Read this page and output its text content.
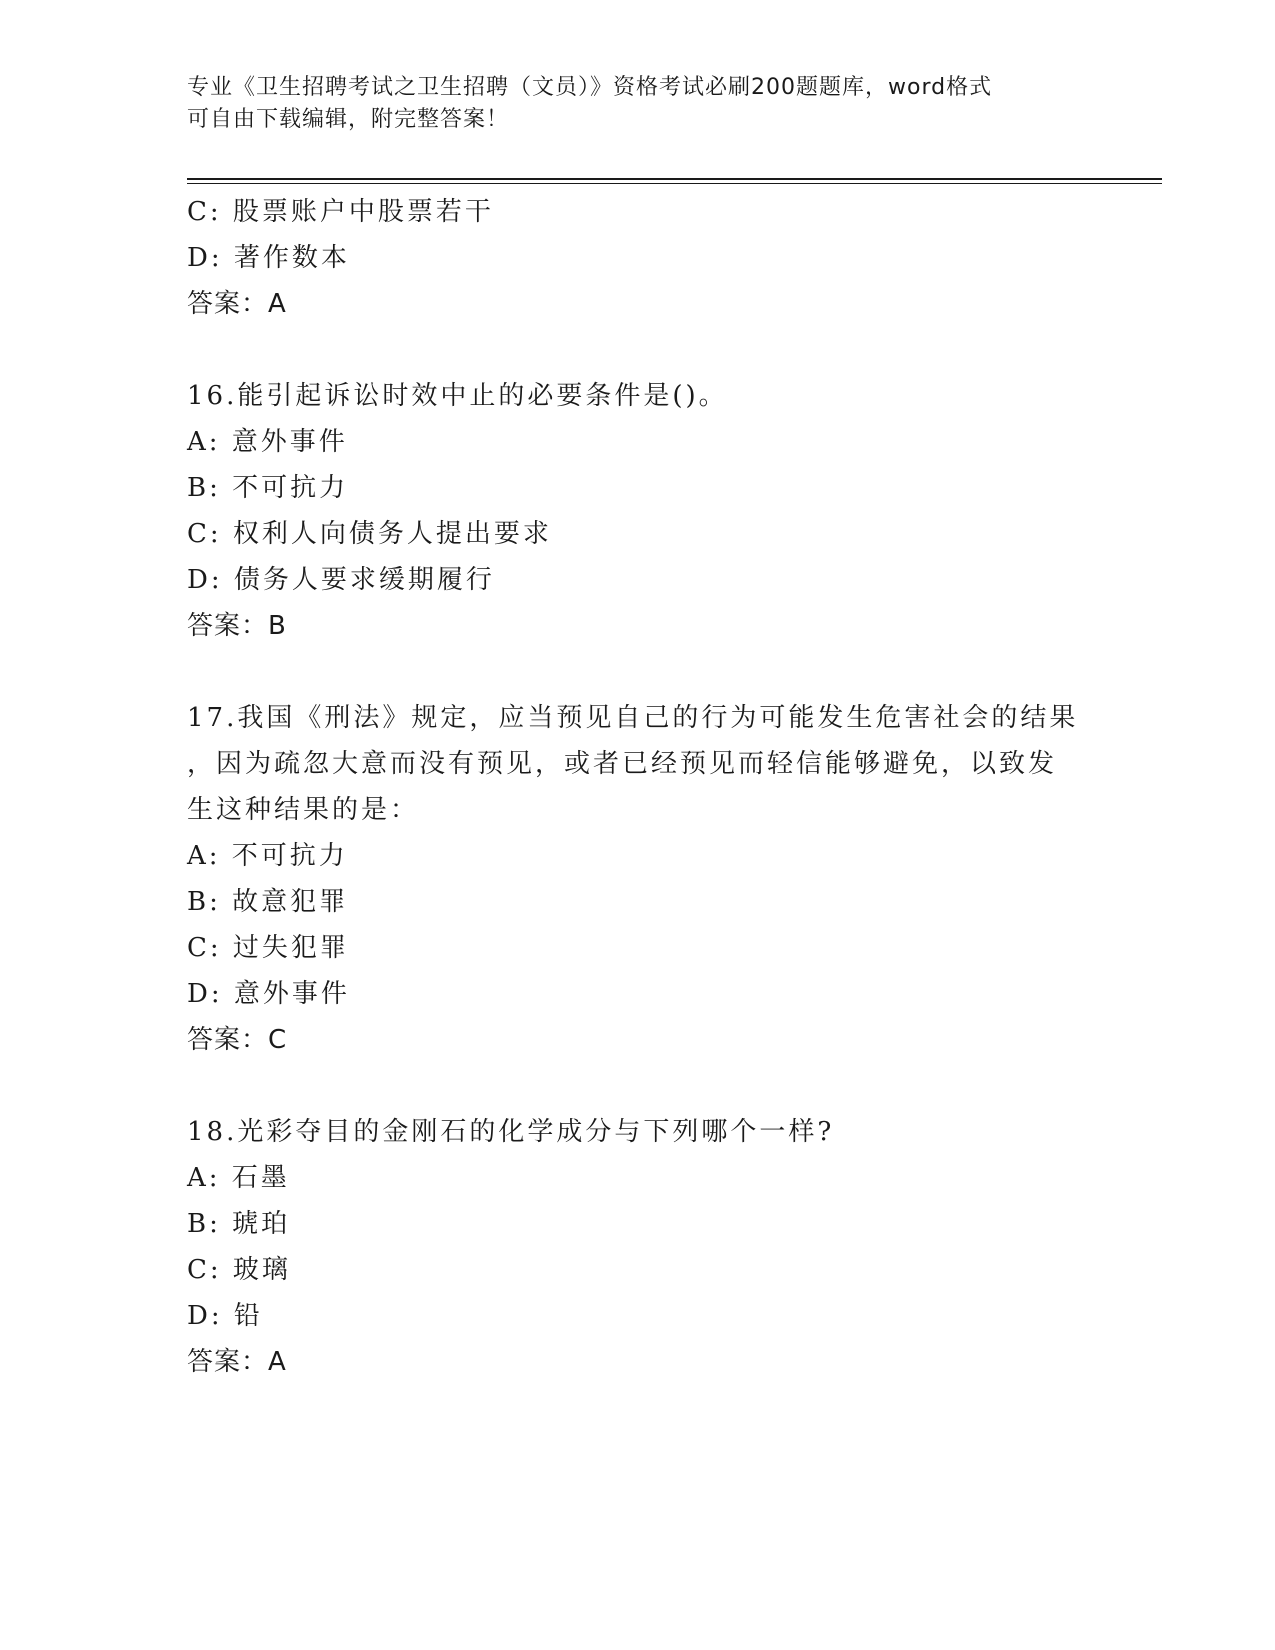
专业《卫生招聘考试之卫生招聘（文员）》资格考试必刷200题题库，word格式
可自由下载编辑，附完整答案！
C: 股票账户中股票若干
D: 著作数本
答案：A
16.能引起诉讼时效中止的必要条件是()。
A: 意外事件
B: 不可抗力
C: 权利人向债务人提出要求
D: 债务人要求缓期履行
答案：B
17.我国《刑法》规定，应当预见自己的行为可能发生危害社会的结果
，因为疏忽大意而没有预见，或者已经预见而轻信能够避免，以致发
生这种结果的是：
A: 不可抗力
B: 故意犯罪
C: 过失犯罪
D: 意外事件
答案：C
18.光彩夺目的金刚石的化学成分与下列哪个一样?
A: 石墨
B: 琥珀
C: 玻璃
D: 铅
答案：A
